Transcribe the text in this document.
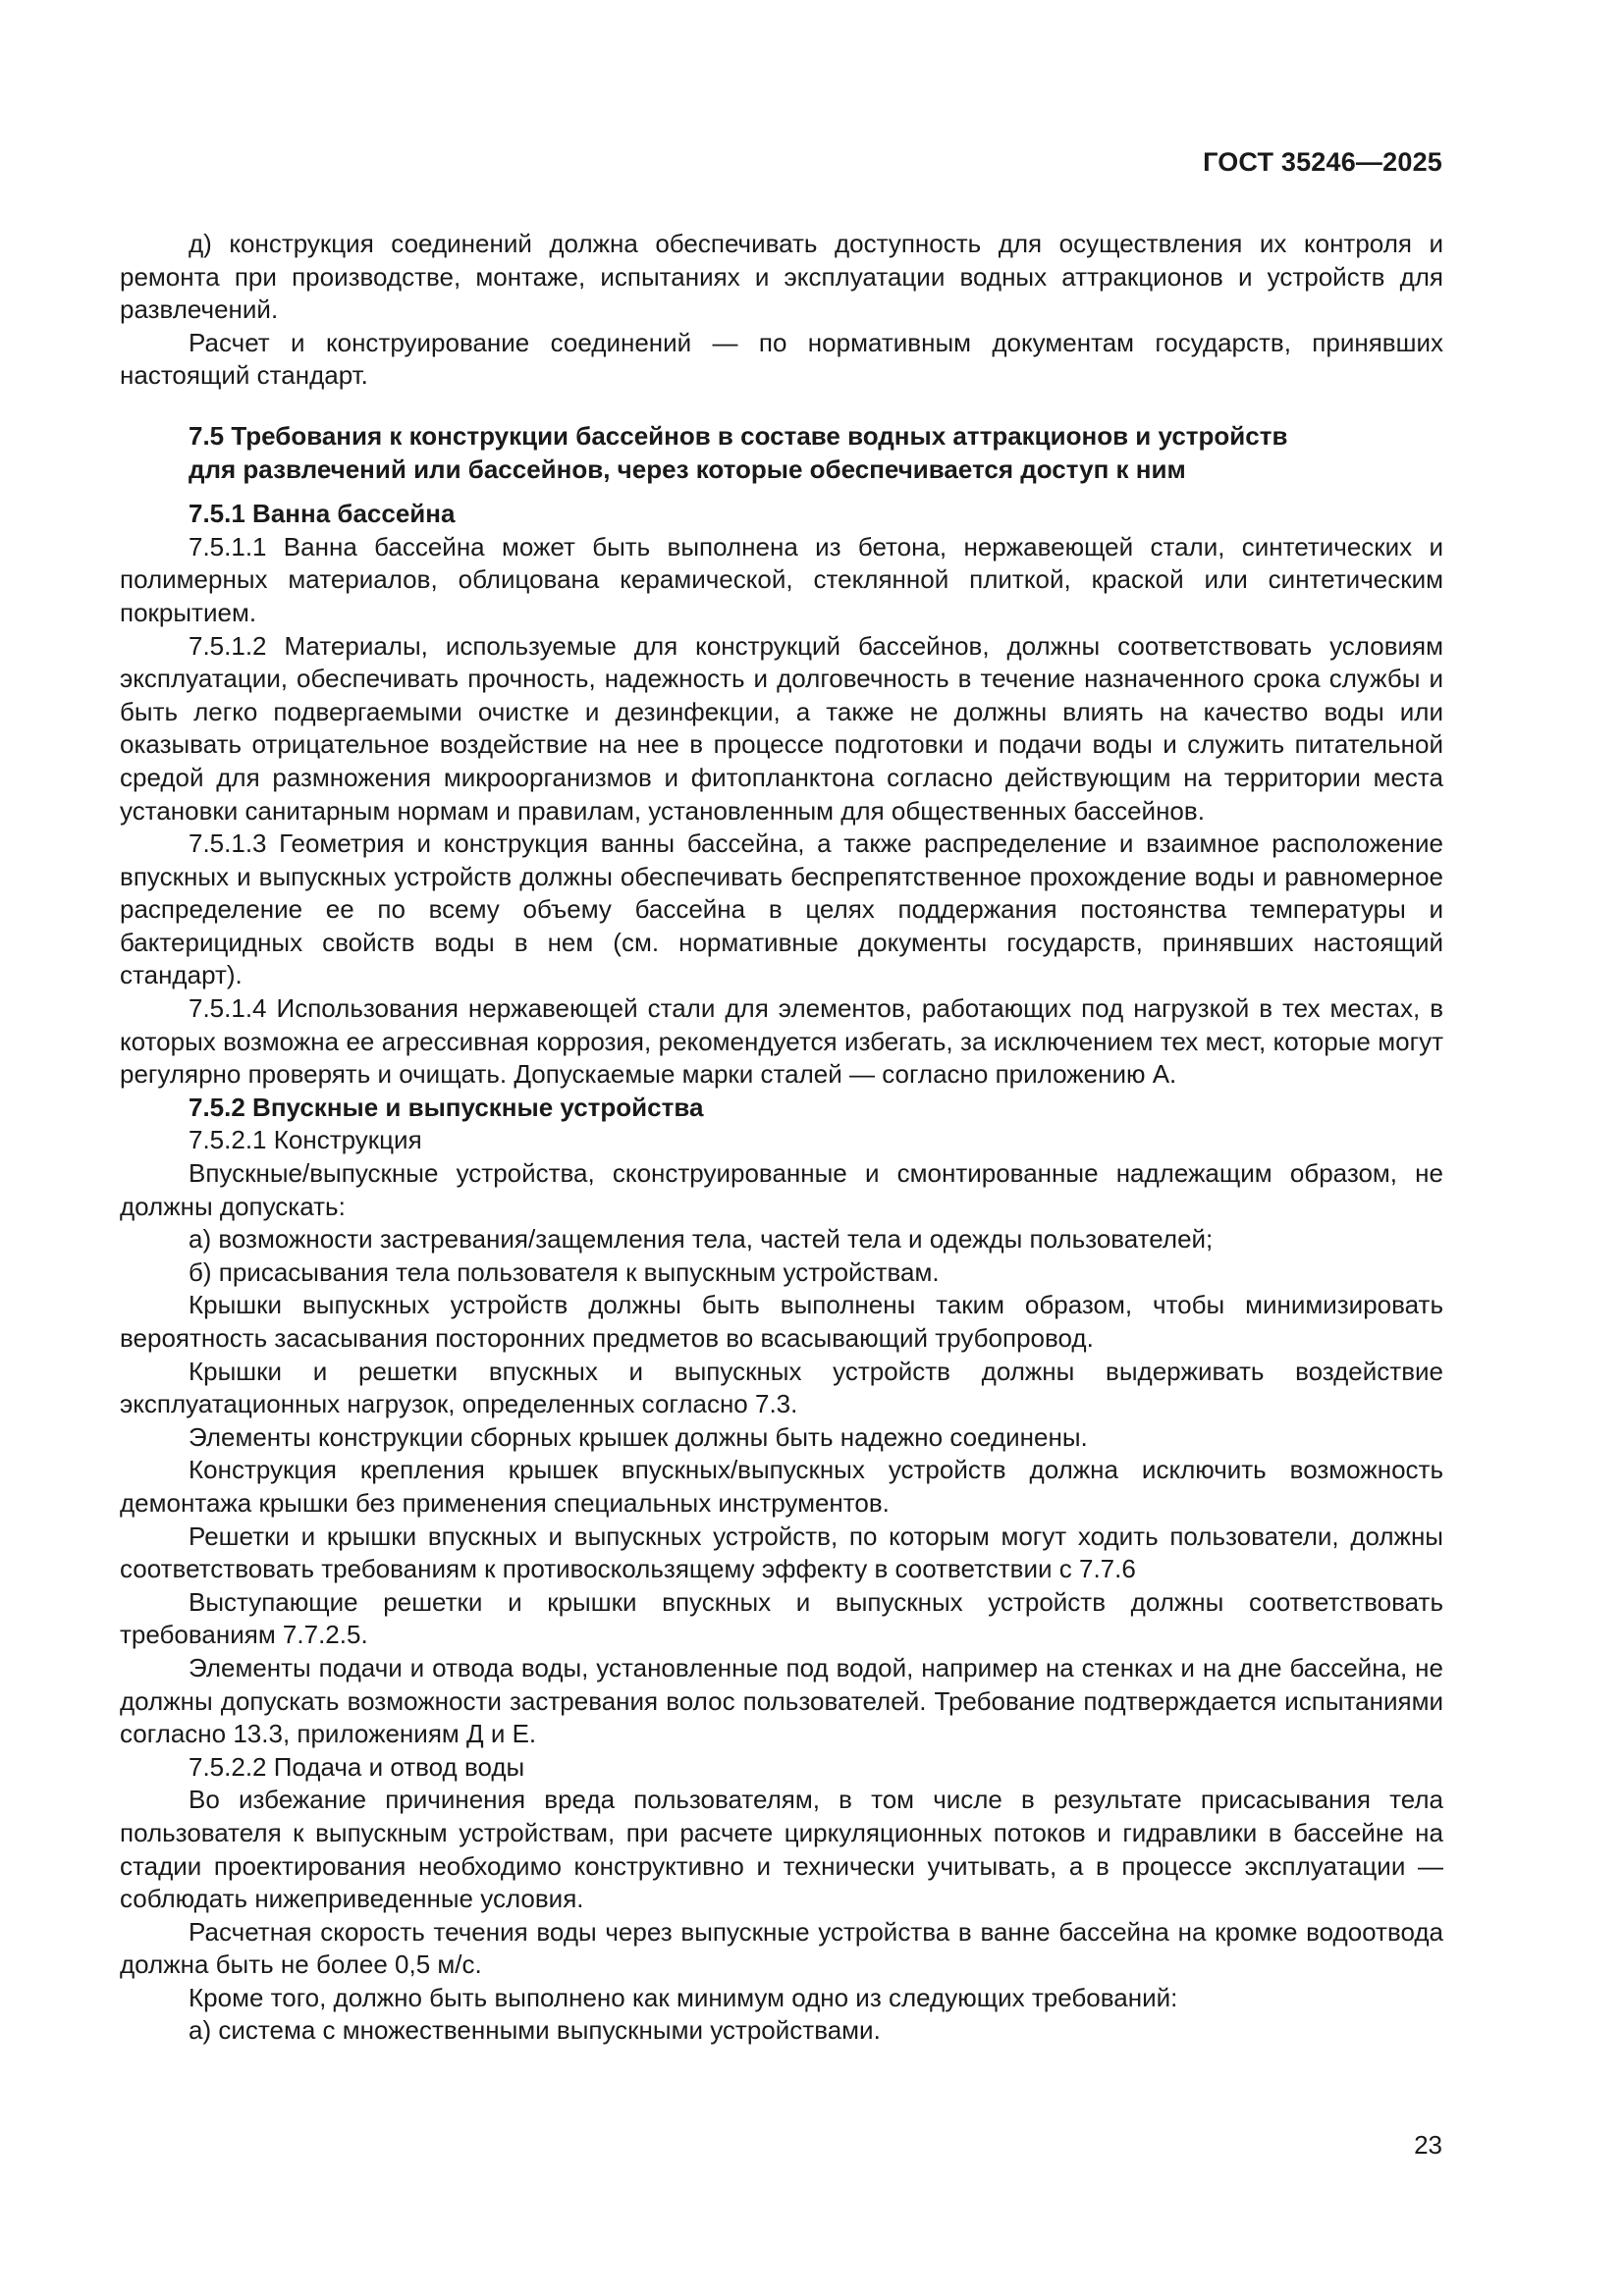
ГОСТ 35246—2025

д) конструкция соединений должна обеспечивать доступность для осуществления их контроля и ремонта при производстве, монтаже, испытаниях и эксплуатации водных аттракционов и устройств для развлечений.

Расчет и конструирование соединений — по нормативным документам государств, принявших настоящий стандарт.

7.5 Требования к конструкции бассейнов в составе водных аттракционов и устройств
для развлечений или бассейнов, через которые обеспечивается доступ к ним
7.5.1 Ванна бассейна

7.5.1.1 Ванна бассейна может быть выполнена из бетона, нержавеющей стали, синтетических и полимерных материалов, облицована керамической, стеклянной плиткой, краской или синтетическим покрытием.

7.5.1.2 Материалы, используемые для конструкций бассейнов, должны соответствовать условиям эксплуатации, обеспечивать прочность, надежность и долговечность в течение назначенного срока службы и быть легко подвергаемыми очистке и дезинфекции, а также не должны влиять на качество воды или оказывать отрицательное воздействие на нее в процессе подготовки и подачи воды и служить питательной средой для размножения микроорганизмов и фитопланктона согласно действующим на территории места установки санитарным нормам и правилам, установленным для общественных бассейнов.

7.5.1.3 Геометрия и конструкция ванны бассейна, а также распределение и взаимное расположение впускных и выпускных устройств должны обеспечивать беспрепятственное прохождение воды и равномерное распределение ее по всему объему бассейна в целях поддержания постоянства температуры и бактерицидных свойств воды в нем (см. нормативные документы государств, принявших настоящий стандарт).

7.5.1.4 Использования нержавеющей стали для элементов, работающих под нагрузкой в тех местах, в которых возможна ее агрессивная коррозия, рекомендуется избегать, за исключением тех мест, которые могут регулярно проверять и очищать. Допускаемые марки сталей — согласно приложению А.

7.5.2 Впускные и выпускные устройства

7.5.2.1 Конструкция

Впускные/выпускные устройства, сконструированные и смонтированные надлежащим образом, не должны допускать:

а) возможности застревания/защемления тела, частей тела и одежды пользователей;

б) присасывания тела пользователя к выпускным устройствам.

Крышки выпускных устройств должны быть выполнены таким образом, чтобы минимизировать вероятность засасывания посторонних предметов во всасывающий трубопровод.

Крышки и решетки впускных и выпускных устройств должны выдерживать воздействие эксплуатационных нагрузок, определенных согласно 7.3.

Элементы конструкции сборных крышек должны быть надежно соединены.

Конструкция крепления крышек впускных/выпускных устройств должна исключить возможность демонтажа крышки без применения специальных инструментов.

Решетки и крышки впускных и выпускных устройств, по которым могут ходить пользователи, должны соответствовать требованиям к противоскользящему эффекту в соответствии с 7.7.6

Выступающие решетки и крышки впускных и выпускных устройств должны соответствовать требованиям 7.7.2.5.

Элементы подачи и отвода воды, установленные под водой, например на стенках и на дне бассейна, не должны допускать возможности застревания волос пользователей. Требование подтверждается испытаниями согласно 13.3, приложениям Д и Е.

7.5.2.2 Подача и отвод воды

Во избежание причинения вреда пользователям, в том числе в результате присасывания тела пользователя к выпускным устройствам, при расчете циркуляционных потоков и гидравлики в бассейне на стадии проектирования необходимо конструктивно и технически учитывать, а в процессе эксплуатации — соблюдать нижеприведенные условия.

Расчетная скорость течения воды через выпускные устройства в ванне бассейна на кромке водоотвода должна быть не более 0,5 м/с.

Кроме того, должно быть выполнено как минимум одно из следующих требований:

а) система с множественными выпускными устройствами.

23
